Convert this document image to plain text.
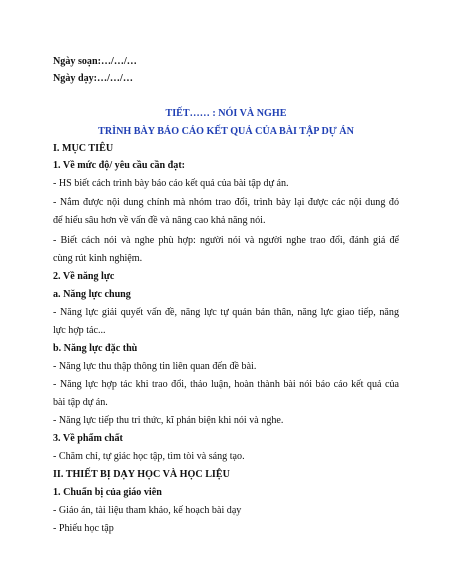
Ngày soạn:…/…/…
Ngày dạy:…/…/…
TIẾT…… : NÓI VÀ NGHE
TRÌNH BÀY BÁO CÁO KẾT QUẢ CỦA BÀI TẬP DỰ ÁN
I. MỤC TIÊU
1. Về mức độ/ yêu cầu cần đạt:
- HS biết cách trình bày báo cáo kết quả của bài tập dự án.
- Nắm được nội dung chính mà nhóm trao đổi, trình bày lại được các nội dung đó
để hiểu sâu hơn về vấn đề và nâng cao khả năng nói.
- Biết cách nói và nghe phù hợp: người nói và người nghe trao đổi, đánh giá để
cùng rút kinh nghiệm.
2. Về năng lực
a. Năng lực chung
- Năng lực giải quyết vấn đề, năng lực tự quản bản thân, năng lực giao tiếp, năng
lực hợp tác...
b. Năng lực đặc thù
- Năng lực thu thập thông tin liên quan đến đề bài.
- Năng lực hợp tác khi trao đổi, thảo luận, hoàn thành bài nói báo cáo kết quả của
bài tập dự án.
- Năng lực tiếp thu tri thức, kĩ phản biện khi nói và nghe.
3. Về phẩm chất
- Chăm chỉ, tự giác học tập, tìm tòi và sáng tạo.
II. THIẾT BỊ DẠY HỌC VÀ HỌC LIỆU
1. Chuẩn bị của giáo viên
- Giáo án, tài liệu tham khảo, kế hoạch bài dạy
- Phiếu học tập
